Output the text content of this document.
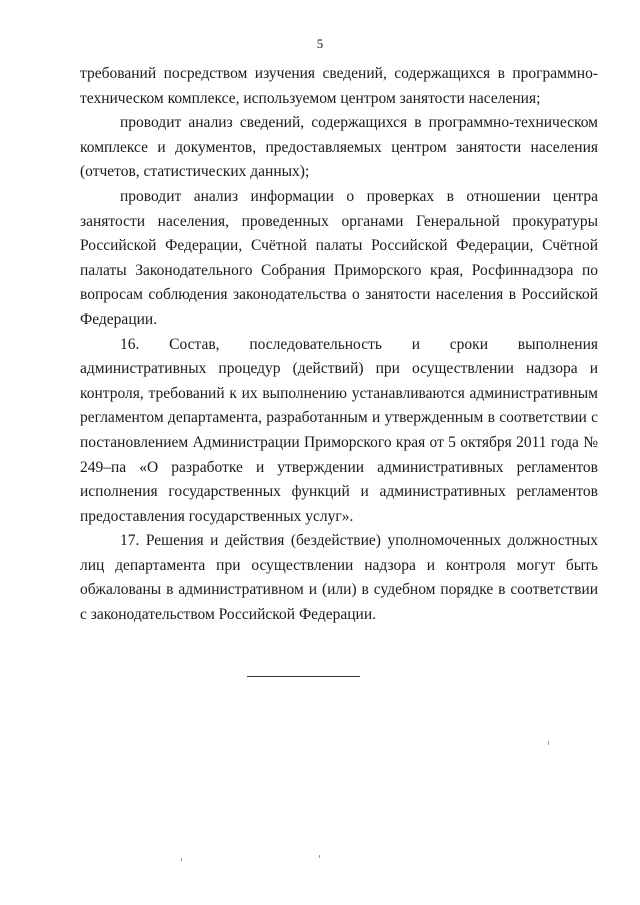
5

требований посредством изучения сведений, содержащихся в программно-техническом комплексе, используемом центром занятости населения;

проводит анализ сведений, содержащихся в программно-техническом комплексе и документов, предоставляемых центром занятости населения (отчетов, статистических данных);

проводит анализ информации о проверках в отношении центра занятости населения, проведенных органами Генеральной прокуратуры Российской Федерации, Счётной палаты Российской Федерации, Счётной палаты Законодательного Собрания Приморского края, Росфиннадзора по вопросам соблюдения законодательства о занятости населения в Российской Федерации.

16. Состав, последовательность и сроки выполнения административных процедур (действий) при осуществлении надзора и контроля, требований к их выполнению устанавливаются административным регламентом департамента, разработанным и утвержденным в соответствии с постановлением Администрации Приморского края от 5 октября 2011 года № 249–па «О разработке и утверждении административных регламентов исполнения государственных функций и административных регламентов предоставления государственных услуг».

17. Решения и действия (бездействие) уполномоченных должностных лиц департамента при осуществлении надзора и контроля могут быть обжалованы в административном и (или) в судебном порядке в соответствии с законодательством Российской Федерации.
